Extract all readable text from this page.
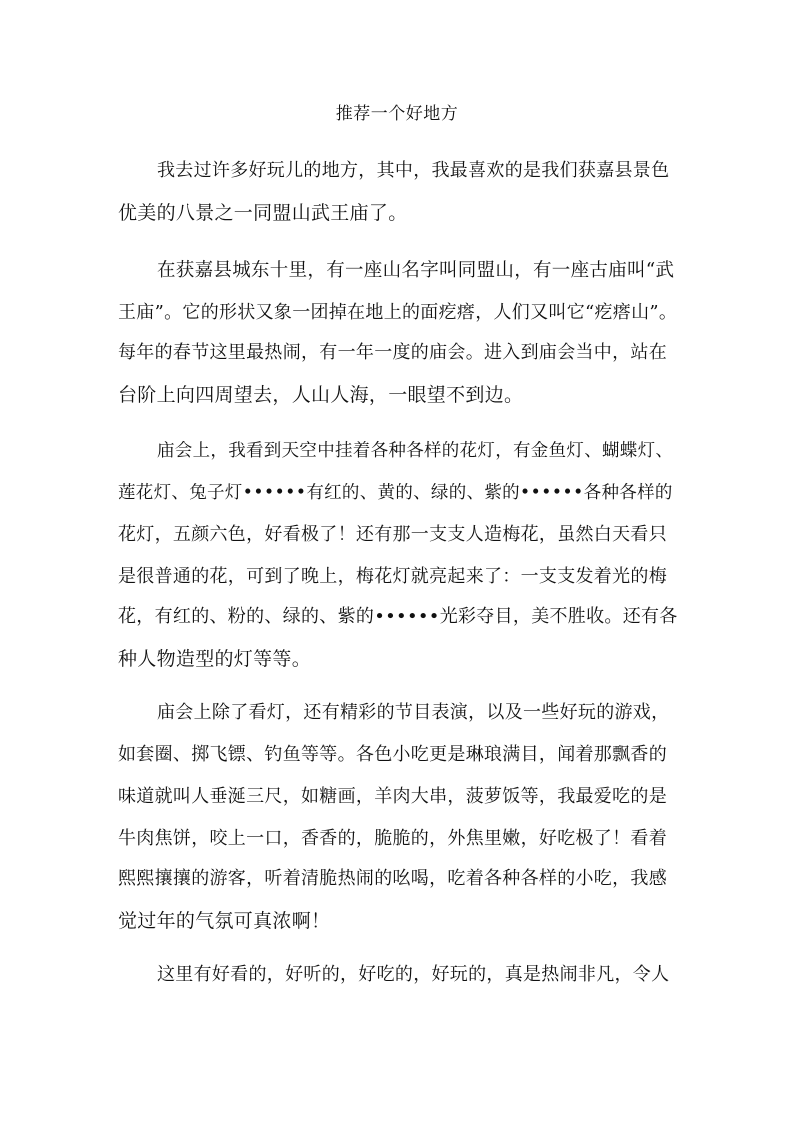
推荐一个好地方
我去过许多好玩儿的地方，其中，我最喜欢的是我们获嘉县景色
优美的八景之一同盟山武王庙了。
在获嘉县城东十里，有一座山名字叫同盟山，有一座古庙叫“武
王庙”。它的形状又象一团掉在地上的面疙瘩，人们又叫它“疙瘩山”。
每年的春节这里最热闹，有一年一度的庙会。进入到庙会当中，站在
台阶上向四周望去，人山人海，一眼望不到边。
庙会上，我看到天空中挂着各种各样的花灯，有金鱼灯、蝴蝶灯、
莲花灯、兔子灯••••••有红的、黄的、绿的、紫的••••••各种各样的
花灯，五颜六色，好看极了！还有那一支支人造梅花，虽然白天看只
是很普通的花，可到了晚上，梅花灯就亮起来了：一支支发着光的梅
花，有红的、粉的、绿的、紫的••••••光彩夺目，美不胜收。还有各
种人物造型的灯等等。
庙会上除了看灯，还有精彩的节目表演，以及一些好玩的游戏，
如套圈、掷飞镖、钓鱼等等。各色小吃更是琳琅满目，闻着那飘香的
味道就叫人垂涎三尺，如糖画，羊肉大串，菠萝饭等，我最爱吃的是
牛肉焦饼，咬上一口，香香的，脆脆的，外焦里嫩，好吃极了！看着
熙熙攘攘的游客，听着清脆热闹的吆喝，吃着各种各样的小吃，我感
觉过年的气氛可真浓啊！
这里有好看的，好听的，好吃的，好玩的，真是热闹非凡，令人
